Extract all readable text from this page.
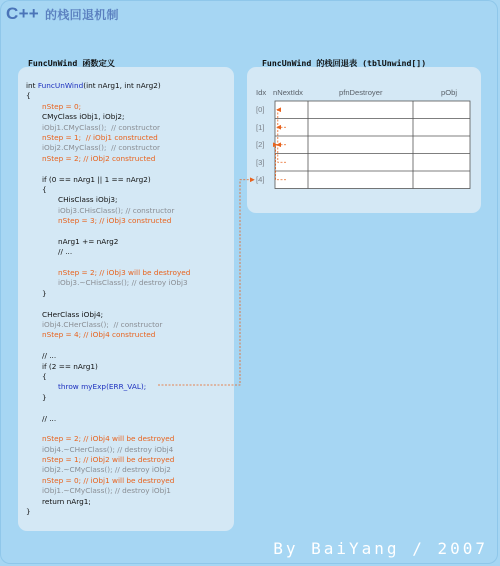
C++ 的栈回退机制
FuncUnWind 函数定义	FuncUnWind 的栈回退表 (tblUnwind[])
int FuncUnWind(int nArg1, int nArg2)
{
nStep = 0;
CMyClass iObj1, iObj2;
iObj1.CMyClass();  // constructor
nStep = 1;  // iObj1 constructed
iObj2.CMyClass();  // constructor
nStep = 2; // iObj2 constructed
if (0 == nArg1 || 1 == nArg2)
{
CHisClass iObj3;
iObj3.CHisClass(); // constructor
nStep = 3; // iObj3 constructed
nArg1 += nArg2
// ...
nStep = 2; // iObj3 will be destroyed
iObj3.~CHisClass(); // destroy iObj3
}
CHerClass iObj4;
iObj4.CHerClass();  // constructor
nStep = 4; // iObj4 constructed
// ...
if (2 == nArg1)
{
throw myExp(ERR_VAL);
}
// ...
nStep = 2; // iObj4 will be destroyed
iObj4.~CHerClass(); // destroy iObj4
nStep = 1; // iObj2 will be destroyed
iObj2.~CMyClass(); // destroy iObj2
nStep = 0; // iObj1 will be destroyed
iObj1.~CMyClass(); // destroy iObj1
return nArg1;
}
Idx nNextIdx	pfnDestroyer	pObj
[0]
[1]
[2]
[3]
[4]
By BaiYang / 2007
